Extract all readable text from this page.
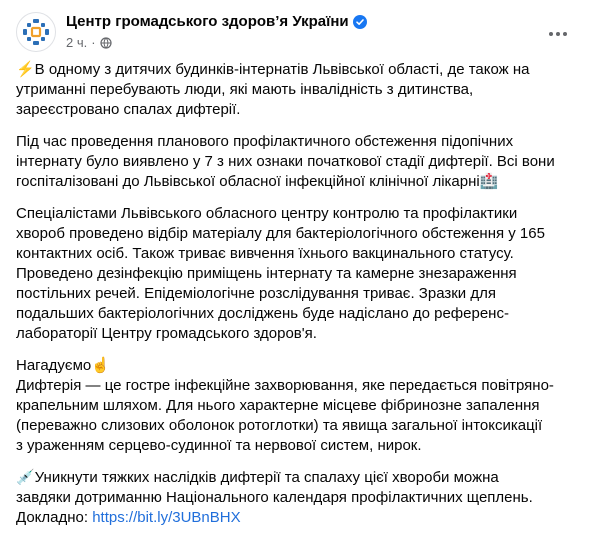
Центр громадського здоров’я України
2 ч. ·
⚡В одному з дитячих будинків-інтернатів Львівської області, де також на
утриманні перебувають люди, які мають інвалідність з дитинства,
зареєстровано спалах дифтерії.
Під час проведення планового профілактичного обстеження підопічних
інтернату було виявлено у 7 з них ознаки початкової стадії дифтерії. Всі вони
госпіталізовані до Львівської обласної інфекційної клінічної лікарні🏥
Спеціалістами Львівського обласного центру контролю та профілактики
хвороб проведено відбір матеріалу для бактеріологічного обстеження у 165
контактних осіб. Також триває вивчення їхнього вакцинального статусу.
Проведено дезінфекцію приміщень інтернату та камерне знезараження
постільних речей. Епідеміологічне розслідування триває. Зразки для
подальших бактеріологічних досліджень буде надіслано до референс-
лабораторії Центру громадського здоров'я.
Нагадуємо☝
Дифтерія — це гостре інфекційне захворювання, яке передається повітряно-
крапельним шляхом. Для нього характерне місцеве фібринозне запалення
(переважно слизових оболонок ротоглотки) та явища загальної інтоксикації
з ураженням серцево-судинної та нервової систем, нирок.
💉Уникнути тяжких наслідків дифтерії та спалаху цієї хвороби можна
завдяки дотриманню Національного календаря профілактичних щеплень.
Докладно: https://bit.ly/3UBnBHX
